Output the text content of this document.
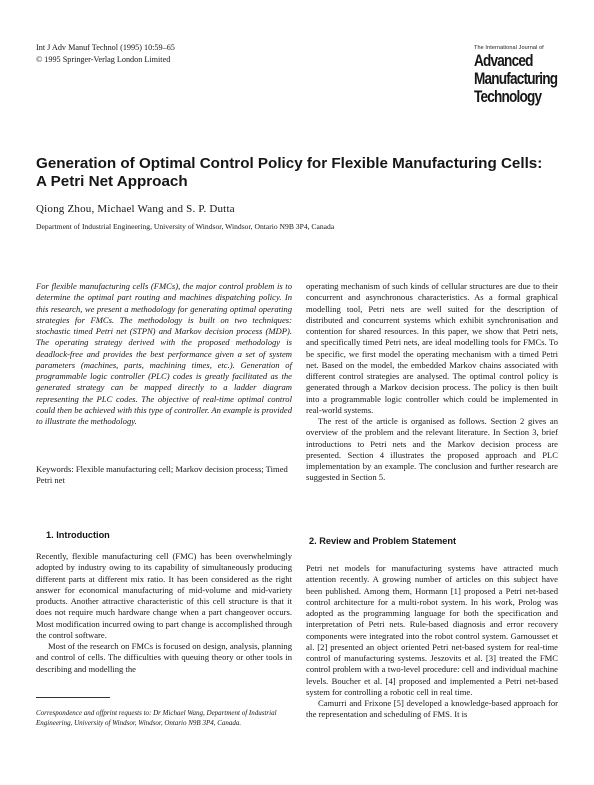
Int J Adv Manuf Technol (1995) 10:59–65
© 1995 Springer-Verlag London Limited
The International Journal of
Advanced
Manufacturing
Technology
Generation of Optimal Control Policy for Flexible Manufacturing Cells: A Petri Net Approach
Qiong Zhou, Michael Wang and S. P. Dutta
Department of Industrial Engineering, University of Windsor, Windsor, Ontario N9B 3P4, Canada

For flexible manufacturing cells (FMCs), the major control problem is to determine the optimal part routing and machines dispatching policy. In this research, we present a methodology for generating optimal operating strategies for FMCs. The methodology is built on two techniques: stochastic timed Petri net (STPN) and Markov decision process (MDP). The operating strategy derived with the proposed methodology is deadlock-free and provides the best performance given a set of system parameters (machines, parts, machining times, etc.). Generation of programmable logic controller (PLC) codes is greatly facilitated as the generated strategy can be mapped directly to a ladder diagram representing the PLC codes. The objective of real-time optimal control could then be achieved with this type of controller. An example is provided to illustrate the methodology.

Keywords: Flexible manufacturing cell; Markov decision process; Timed Petri net
1. Introduction

Recently, flexible manufacturing cell (FMC) has been overwhelmingly adopted by industry owing to its capability of simultaneously producing different parts at different mix ratio. It has been considered as the right answer for economical manufacturing of mid-volume and mid-variety products. Another attractive characteristic of this cell structure is that it does not require much hardware change when a part changeover occurs. Most modification incurred owing to part change is accomplished through the control software.

Most of the research on FMCs is focused on design, analysis, planning and control of cells. The difficulties with queuing theory or other tools in describing and modelling the

Correspondence and offprint requests to: Dr Michael Wang, Department of Industrial Engineering, University of Windsor, Windsor, Ontario N9B 3P4, Canada.

operating mechanism of such kinds of cellular structures are due to their concurrent and asynchronous characteristics. As a formal graphical modelling tool, Petri nets are well suited for the description of distributed and concurrent systems which exhibit synchronisation and contention for shared resources. In this paper, we show that Petri nets, and specifically timed Petri nets, are ideal modelling tools for FMCs. To be specific, we first model the operating mechanism with a timed Petri net. Based on the model, the embedded Markov chains associated with different control strategies are analysed. The optimal control policy is generated through a Markov decision process. The policy is then built into a programmable logic controller which could be implemented in real-world systems.

The rest of the article is organised as follows. Section 2 gives an overview of the problem and the relevant literature. In Section 3, brief introductions to Petri nets and the Markov decision process are presented. Section 4 illustrates the proposed approach and PLC implementation by an example. The conclusion and further research are suggested in Section 5.

2. Review and Problem Statement

Petri net models for manufacturing systems have attracted much attention recently. A growing number of articles on this subject have been published. Among them, Hormann [1] proposed a Petri net-based control architecture for a multi-robot system. In his work, Prolog was adopted as the programming language for both the specification and interpretation of Petri nets. Rule-based diagnosis and error recovery components were integrated into the robot control system. Garnousset et al. [2] presented an object oriented Petri net-based system for real-time control of manufacturing systems. Jeszovits et al. [3] treated the FMC control problem with a two-level procedure: cell and individual machine levels. Boucher et al. [4] proposed and implemented a Petri net-based system for controlling a robotic cell in real time.

Camurri and Frixone [5] developed a knowledge-based approach for the representation and scheduling of FMS. It is
